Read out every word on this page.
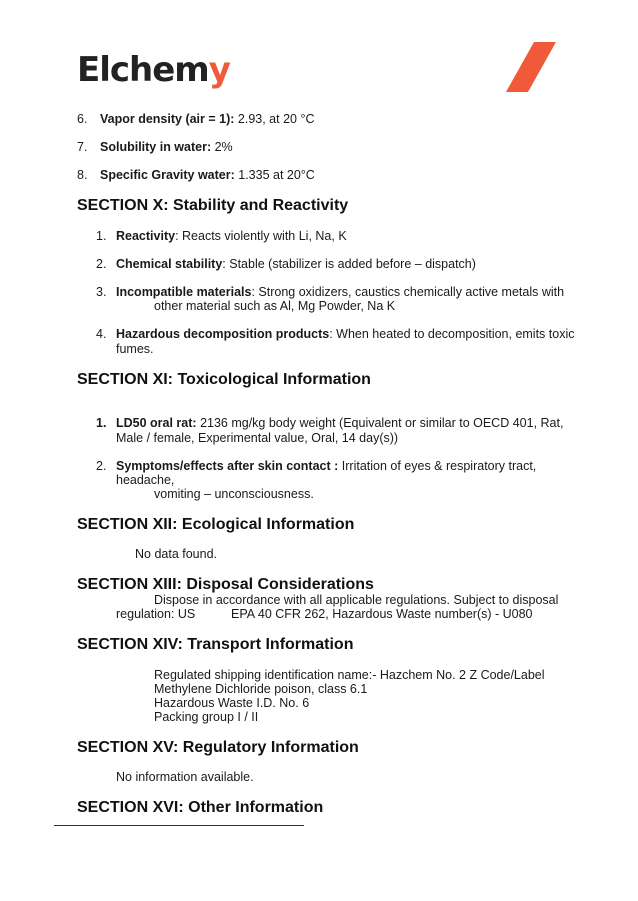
Elchemy
6. Vapor density (air = 1): 2.93, at 20 °C
7. Solubility in water: 2%
8. Specific Gravity water: 1.335 at 20°C
SECTION X: Stability and Reactivity
1. Reactivity: Reacts violently with Li, Na, K
2. Chemical stability: Stable (stabilizer is added before – dispatch)
3. Incompatible materials: Strong oxidizers, caustics chemically active metals with
other material such as Al, Mg Powder, Na K
4. Hazardous decomposition products: When heated to decomposition, emits toxic
fumes.
SECTION XI: Toxicological Information
1. LD50 oral rat: 2136 mg/kg body weight (Equivalent or similar to OECD 401, Rat,
Male / female, Experimental value, Oral, 14 day(s))
2. Symptoms/effects after skin contact : Irritation of eyes & respiratory tract,
headache,
vomiting – unconsciousness.
SECTION XII: Ecological Information
No data found.
SECTION XIII: Disposal Considerations
Dispose in accordance with all applicable regulations. Subject to disposal
regulation: US	EPA 40 CFR 262, Hazardous Waste number(s) - U080
SECTION XIV: Transport Information
Regulated shipping identification name:- Hazchem No. 2 Z Code/Label
Methylene Dichloride poison, class 6.1
Hazardous Waste I.D. No. 6
Packing group I / II
SECTION XV: Regulatory Information
No information available.
SECTION XVI: Other Information
